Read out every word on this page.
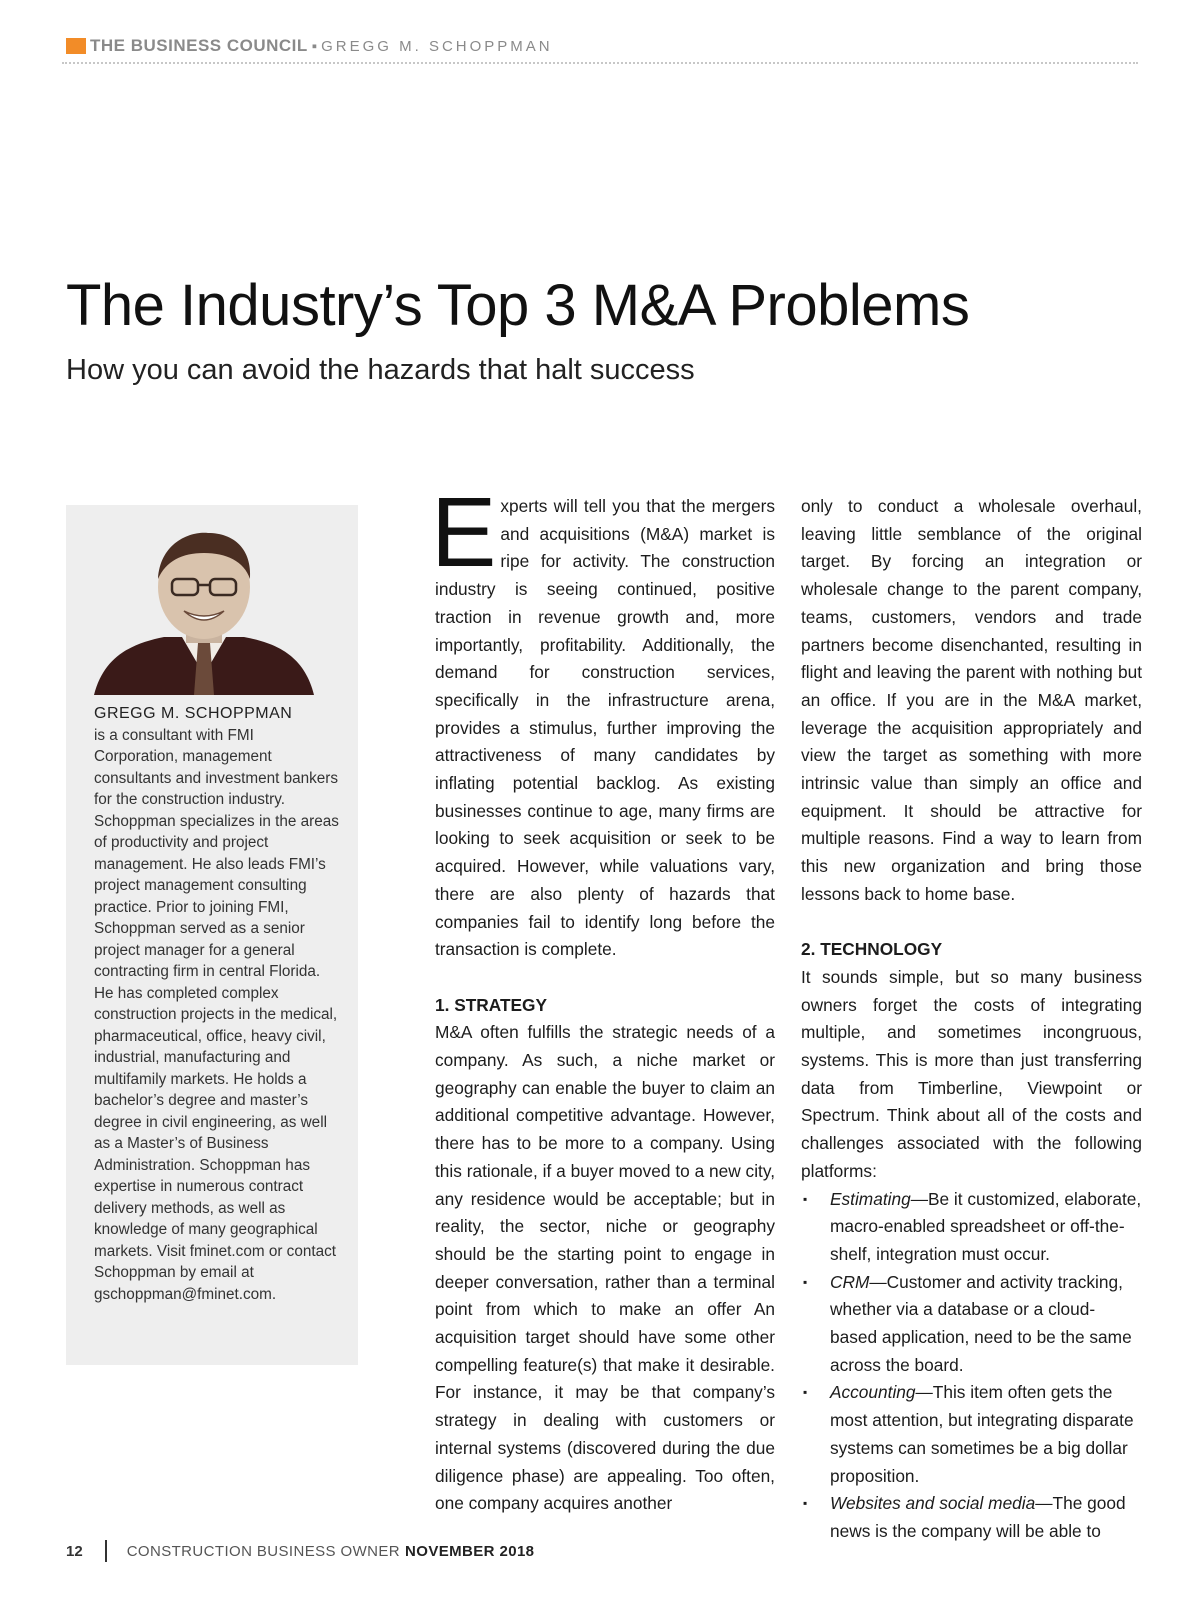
THE BUSINESS COUNCIL ▪ GREGG M. SCHOPPMAN
The Industry’s Top 3 M&A Problems
How you can avoid the hazards that halt success
GREGG M. SCHOPPMAN
is a consultant with FMI Corporation, management consultants and investment bankers for the construction industry. Schoppman specializes in the areas of productivity and project management. He also leads FMI’s project management consulting practice. Prior to joining FMI, Schoppman served as a senior project manager for a general contracting firm in central Florida. He has completed complex construction projects in the medical, pharmaceutical, office, heavy civil, industrial, manufacturing and multifamily markets. He holds a bachelor’s degree and master’s degree in civil engineering, as well as a Master’s of Business Administration. Schoppman has expertise in numerous contract delivery methods, as well as knowledge of many geographical markets. Visit fminet.com or contact Schoppman by email at gschoppman@fminet.com.

Experts will tell you that the mergers and acquisitions (M&A) market is ripe for activity. The construction industry is seeing continued, positive traction in revenue growth and, more importantly, profitability. Additionally, the demand for construction services, specifically in the infrastructure arena, provides a stimulus, further improving the attractiveness of many candidates by inflating potential backlog. As existing businesses continue to age, many firms are looking to seek acquisition or seek to be acquired. However, while valuations vary, there are also plenty of hazards that companies fail to identify long before the transaction is complete.

1. STRATEGY

M&A often fulfills the strategic needs of a company. As such, a niche market or geography can enable the buyer to claim an additional competitive advantage. However, there has to be more to a company. Using this rationale, if a buyer moved to a new city, any residence would be acceptable; but in reality, the sector, niche or geography should be the starting point to engage in deeper conversation, rather than a terminal point from which to make an offer An acquisition target should have some other compelling feature(s) that make it desirable. For instance, it may be that company’s strategy in dealing with customers or internal systems (discovered during the due diligence phase) are appealing. Too often, one company acquires another

only to conduct a wholesale overhaul, leaving little semblance of the original target. By forcing an integration or wholesale change to the parent company, teams, customers, vendors and trade partners become disenchanted, resulting in flight and leaving the parent with nothing but an office. If you are in the M&A market, leverage the acquisition appropriately and view the target as something with more intrinsic value than simply an office and equipment. It should be attractive for multiple reasons. Find a way to learn from this new organization and bring those lessons back to home base.

2. TECHNOLOGY

It sounds simple, but so many business owners forget the costs of integrating multiple, and sometimes incongruous, systems. This is more than just transferring data from Timberline, Viewpoint or Spectrum. Think about all of the costs and challenges associated with the following platforms:

▪ Estimating—Be it customized, elaborate, macro-enabled spreadsheet or off-the-shelf, integration must occur.
▪ CRM—Customer and activity tracking, whether via a database or a cloud-based application, need to be the same across the board.
▪ Accounting—This item often gets the most attention, but integrating disparate systems can sometimes be a big dollar proposition.
▪ Websites and social media—The good news is the company will be able to
12	CONSTRUCTION BUSINESS OWNER NOVEMBER 2018
